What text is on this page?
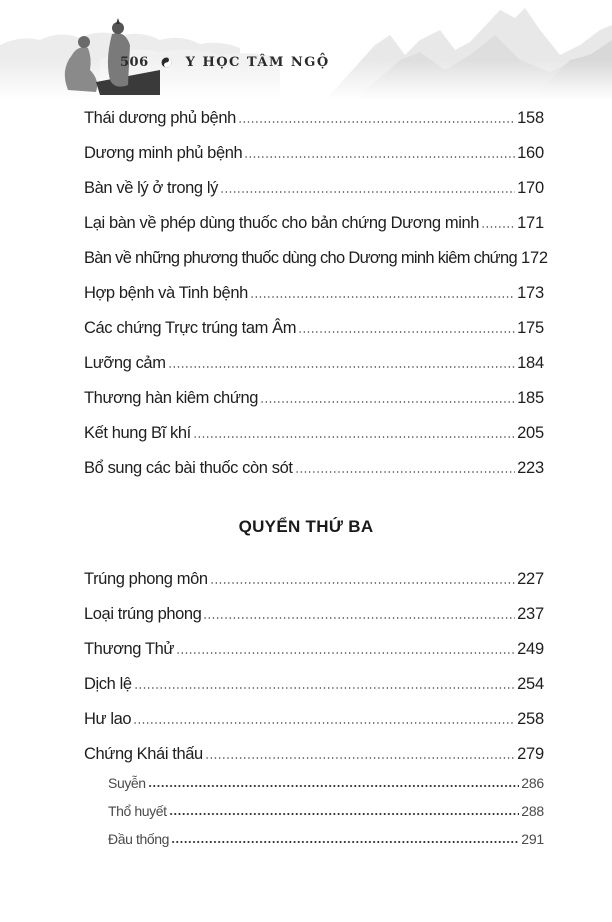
506	Y HỌC TÂM NGỘ
Thái dương phủ bệnh	158
Dương minh phủ bệnh	160
Bàn về lý ở trong lý	170
Lại bàn về phép dùng thuốc cho bản chứng Dương minh 171
Bàn về những phương thuốc dùng cho Dương minh kiêm chứng 172
Hợp bệnh và Tinh bệnh	173
Các chứng Trực trúng tam Âm	175
Lưỡng cảm	184
Thương hàn kiêm chứng	185
Kết hung Bĩ khí	205
Bổ sung các bài thuốc còn sót	223
QUYỂN THỨ BA
Trúng phong môn	227
Loại trúng phong	237
Thương Thử	249
Dịch lệ	254
Hư lao	258
Chứng Khái thấu	279
Suyễn	286
Thổ huyết	288
Đầu thống	291
